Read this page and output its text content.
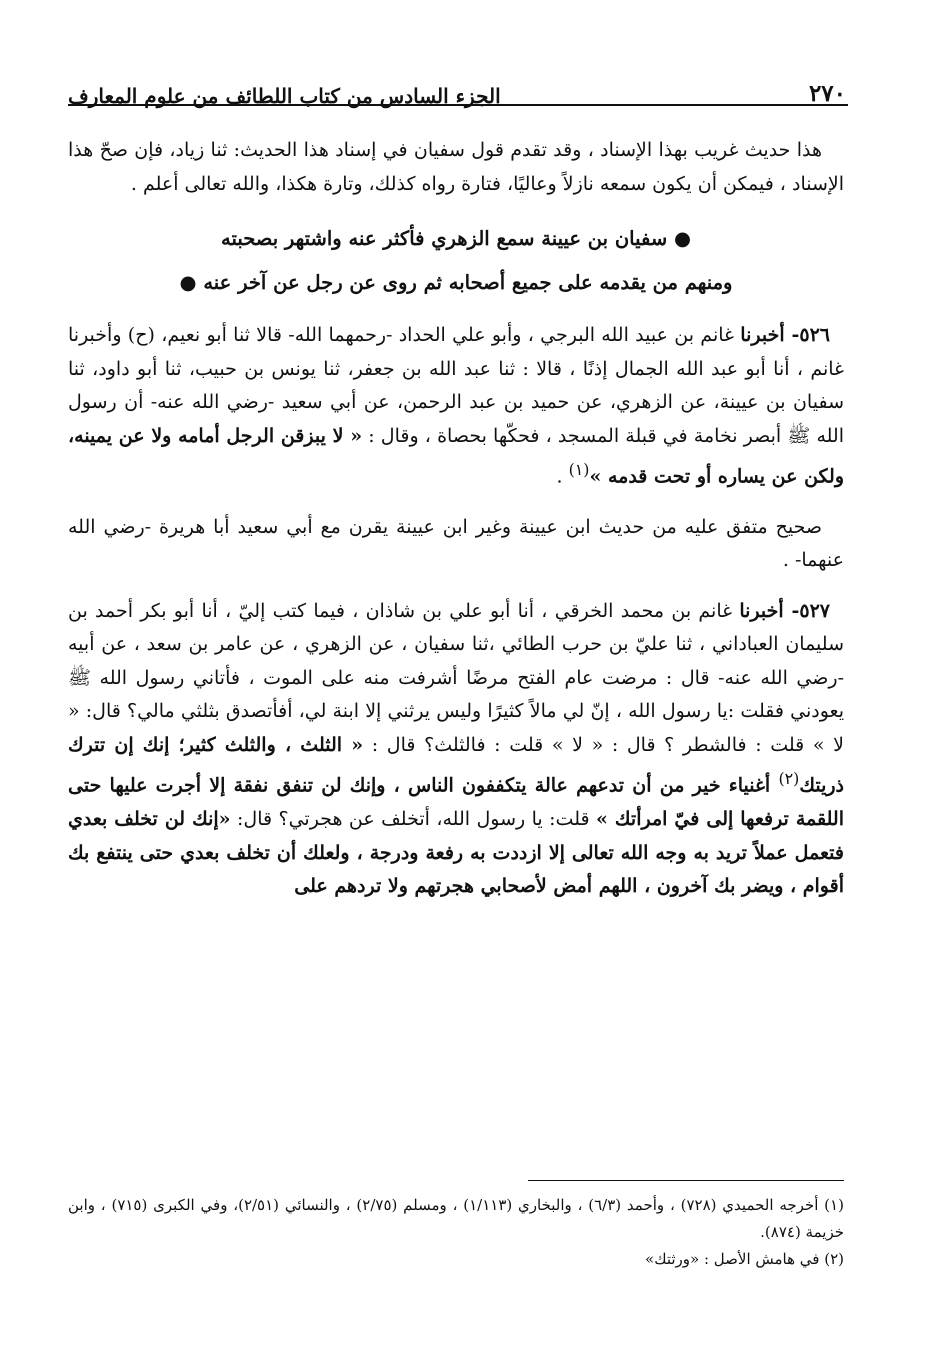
٢٧٠
الجزء السادس من كتاب اللطائف من علوم المعارف

هذا حديث غريب بهذا الإسناد ، وقد تقدم قول سفيان في إسناد هذا الحديث: ثنا زياد، فإن صحّ هذا الإسناد ، فيمكن أن يكون سمعه نازلاً وعاليًا، فتارة رواه كذلك، وتارة هكذا، والله تعالى أعلم .

● سفيان بن عيينة سمع الزهري فأكثر عنه واشتهر بصحبته
ومنهم من يقدمه على جميع أصحابه ثم روى عن رجل عن آخر عنه ●

٥٢٦- أخبرنا غانم بن عبيد الله البرجي ، وأبو علي الحداد -رحمهما الله- قالا ثنا أبو نعيم، (ح) وأخبرنا غانم ، أنا أبو عبد الله الجمال إذنًا ، قالا : ثنا عبد الله بن جعفر، ثنا يونس بن حبيب، ثنا أبو داود، ثنا سفيان بن عيينة، عن الزهري، عن حميد بن عبد الرحمن، عن أبي سعيد -رضي الله عنه- أن رسول الله ﷺ أبصر نخامة في قبلة المسجد ، فحكّها بحصاة ، وقال : « لا يبزقن الرجل أمامه ولا عن يمينه، ولكن عن يساره أو تحت قدمه »$^{(١)}$ .

صحيح متفق عليه من حديث ابن عيينة وغير ابن عيينة يقرن مع أبي سعيد أبا هريرة -رضي الله عنهما- .

٥٢٧- أخبرنا غانم بن محمد الخرقي ، أنا أبو علي بن شاذان ، فيما كتب إليّ ، أنا أبو بكر أحمد بن سليمان العباداني ، ثنا عليّ بن حرب الطائي ،ثنا سفيان ، عن الزهري ، عن عامر بن سعد ، عن أبيه -رضي الله عنه- قال : مرضت عام الفتح مرضًا أشرفت منه على الموت ، فأتاني رسول الله ﷺ يعودني فقلت :يا رسول الله ، إنّ لي مالاً كثيرًا وليس يرثني إلا ابنة لي، أفأتصدق بثلثي مالي؟ قال: « لا » قلت : فالشطر ؟ قال : « لا » قلت : فالثلث؟ قال : « الثلث ، والثلث كثير؛ إنك إن تترك ذريتك$^{(٢)}$ أغنياء خير من أن تدعهم عالة يتكففون الناس ، وإنك لن تنفق نفقة إلا أجرت عليها حتى اللقمة ترفعها إلى فيّ امرأتك » قلت: يا رسول الله، أتخلف عن هجرتي؟ قال: «إنك لن تخلف بعدي فتعمل عملاً تريد به وجه الله تعالى إلا ازددت به رفعة ودرجة ، ولعلك أن تخلف بعدي حتى ينتفع بك أقوام ، ويضر بك آخرون ، اللهم أمض لأصحابي هجرتهم ولا تردهم على

(١) أخرجه الحميدي (٧٢٨) ، وأحمد (٦/٣) ، والبخاري (١/١١٣) ، ومسلم (٢/٧٥) ، والنسائي (٢/٥١)، وفي الكبرى (٧١٥) ، وابن خزيمة (٨٧٤).

(٢) في هامش الأصل : «ورثتك»
